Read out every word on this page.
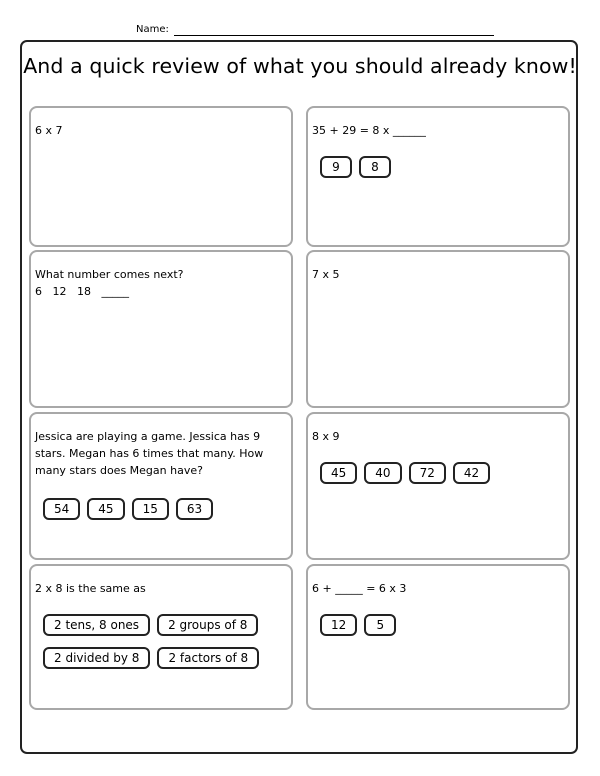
Name:
And a quick review of what you should already know!
6 x 7	35 + 29 = 8 x ______
9	8
What number comes next?
6   12   18   _____
7 x 5
Jessica are playing a game. Jessica has 9 stars. Megan has 6 times that many. How many stars does Megan have?
54	45	15	63
8 x 9
45	40	72	42
2 x 8 is the same as
2 tens, 8 ones	2 groups of 8
2 divided by 8	2 factors of 8
6 + _____ = 6 x 3
12	5
